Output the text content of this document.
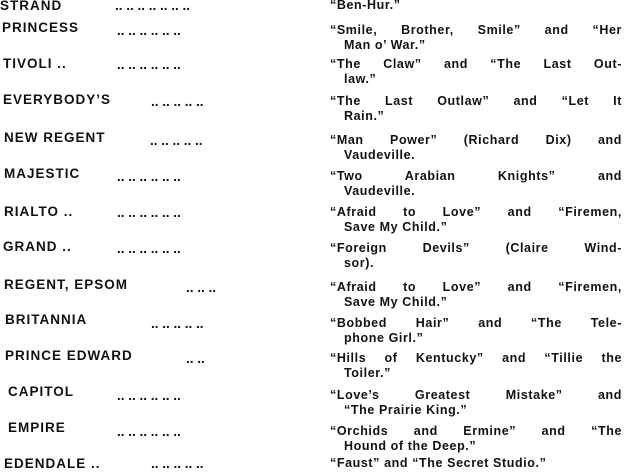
STRAND	.. .. .. .. .. .. ..	“Ben-Hur.”
PRINCESS	.. .. .. .. .. ..	“Smile, Brother, Smile” and “Her
Man o’ War.”
TIVOLI ..	.. .. .. .. .. ..	“The Claw” and “The Last Out-
law.”
EVERYBODY’S	.. .. .. .. ..	“The Last Outlaw” and “Let It
Rain.”
NEW REGENT	.. .. .. .. ..	“Man Power” (Richard Dix) and
Vaudeville.
MAJESTIC	.. .. .. .. .. ..	“Two Arabian Knights” and
Vaudeville.
RIALTO ..	.. .. .. .. .. ..	“Afraid to Love” and “Firemen,
Save My Child.”
GRAND ..	.. .. .. .. .. ..	“Foreign Devils” (Claire Wind-
sor).
REGENT, EPSOM	.. .. ..	“Afraid to Love” and “Firemen,
Save My Child.”
BRITANNIA	.. .. .. .. ..	“Bobbed Hair” and “The Tele-
phone Girl.”
PRINCE EDWARD	.. ..	“Hills of Kentucky” and “Tillie the
Toiler.”
CAPITOL	.. .. .. .. .. ..	“Love’s Greatest Mistake” and
“The Prairie King.”
EMPIRE	.. .. .. .. .. ..	“Orchids and Ermine” and “The
Hound of the Deep.”
EDENDALE ..	.. .. .. .. ..	“Faust” and “The Secret Studio.”
